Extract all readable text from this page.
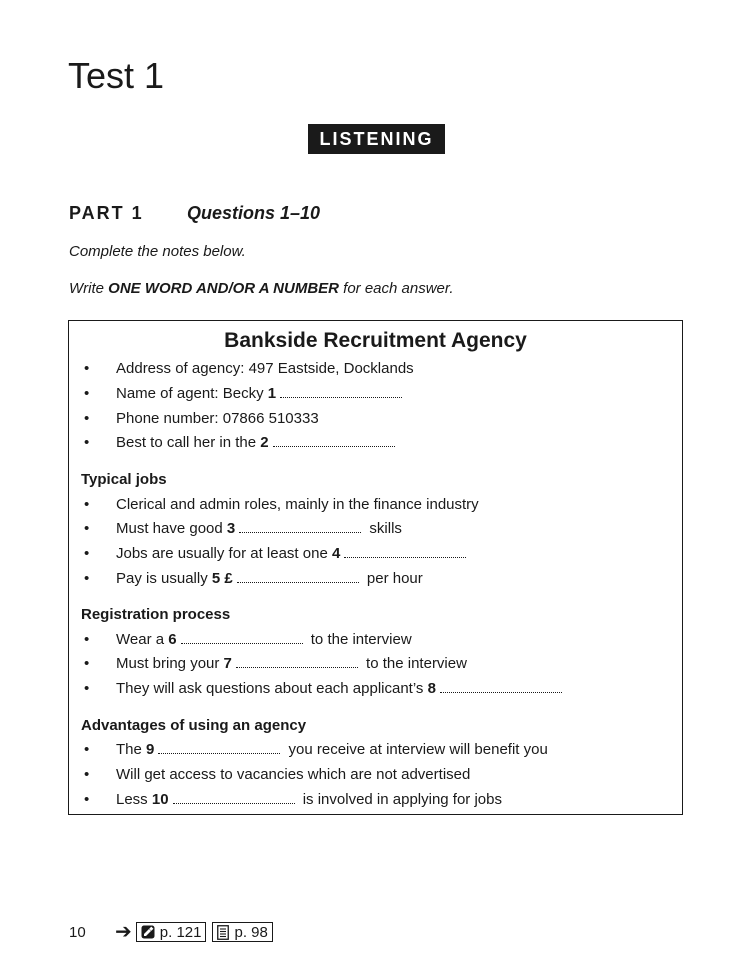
Test 1
LISTENING
PART 1	Questions 1–10
Complete the notes below.
Write ONE WORD AND/OR A NUMBER for each answer.
Bankside Recruitment Agency
• Address of agency: 497 Eastside, Docklands
• Name of agent: Becky 1
• Phone number: 07866 510333
• Best to call her in the 2
Typical jobs
• Clerical and admin roles, mainly in the finance industry
• Must have good 3	skills
• Jobs are usually for at least one 4
• Pay is usually 5 £	per hour
Registration process
• Wear a 6	to the interview
• Must bring your 7	to the interview
• They will ask questions about each applicant’s 8
Advantages of using an agency
• The 9	you receive at interview will benefit you
• Will get access to vacancies which are not advertised
• Less 10	is involved in applying for jobs
10	➔ p. 121 p. 98
